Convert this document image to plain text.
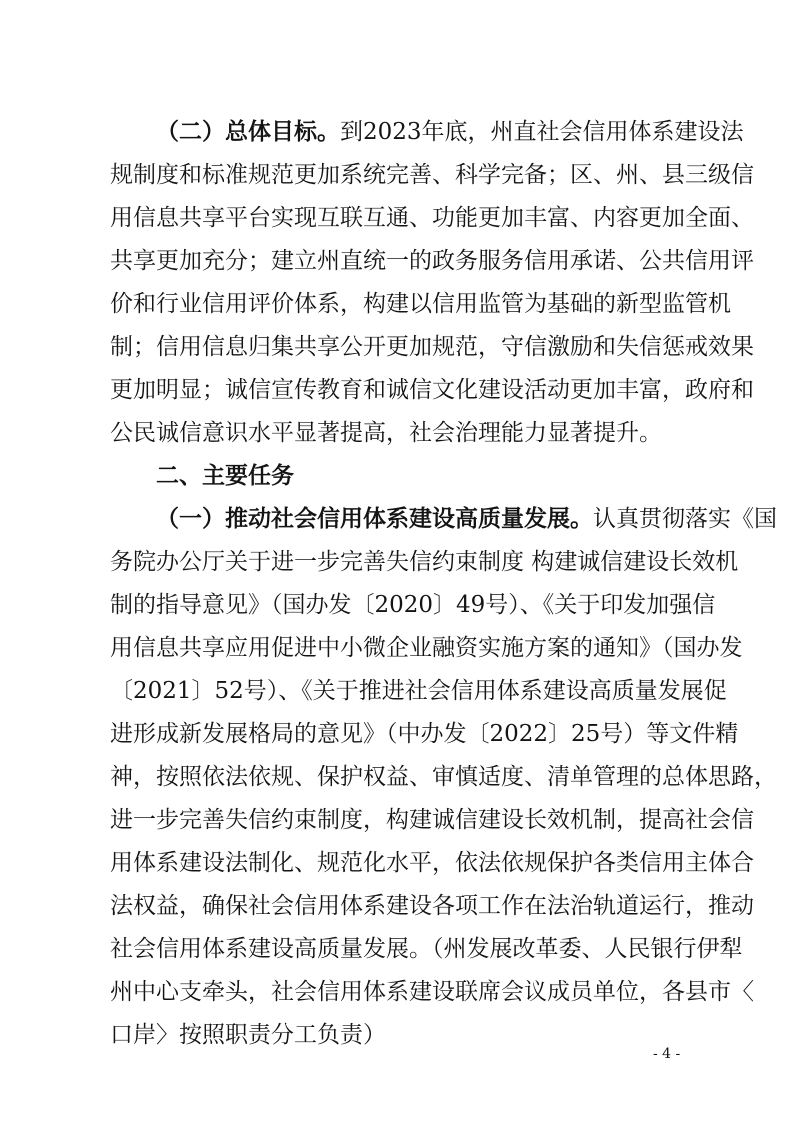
（二）总体目标。到2023年底，州直社会信用体系建设法
规制度和标准规范更加系统完善、科学完备；区、州、县三级信
用信息共享平台实现互联互通、功能更加丰富、内容更加全面、
共享更加充分；建立州直统一的政务服务信用承诺、公共信用评
价和行业信用评价体系，构建以信用监管为基础的新型监管机
制；信用信息归集共享公开更加规范，守信激励和失信惩戒效果
更加明显；诚信宣传教育和诚信文化建设活动更加丰富，政府和
公民诚信意识水平显著提高，社会治理能力显著提升。
二、主要任务
（一）推动社会信用体系建设高质量发展。认真贯彻落实《国
务院办公厅关于进一步完善失信约束制度 构建诚信建设长效机
制的指导意见》（国办发〔2020〕49号）、《关于印发加强信
用信息共享应用促进中小微企业融资实施方案的通知》（国办发
〔2021〕52号）、《关于推进社会信用体系建设高质量发展促
进形成新发展格局的意见》（中办发〔2022〕25号）等文件精
神，按照依法依规、保护权益、审慎适度、清单管理的总体思路，
进一步完善失信约束制度，构建诚信建设长效机制，提高社会信
用体系建设法制化、规范化水平，依法依规保护各类信用主体合
法权益，确保社会信用体系建设各项工作在法治轨道运行，推动
社会信用体系建设高质量发展。（州发展改革委、人民银行伊犁
州中心支牵头，社会信用体系建设联席会议成员单位，各县市〈
口岸〉按照职责分工负责）
- 4 -
